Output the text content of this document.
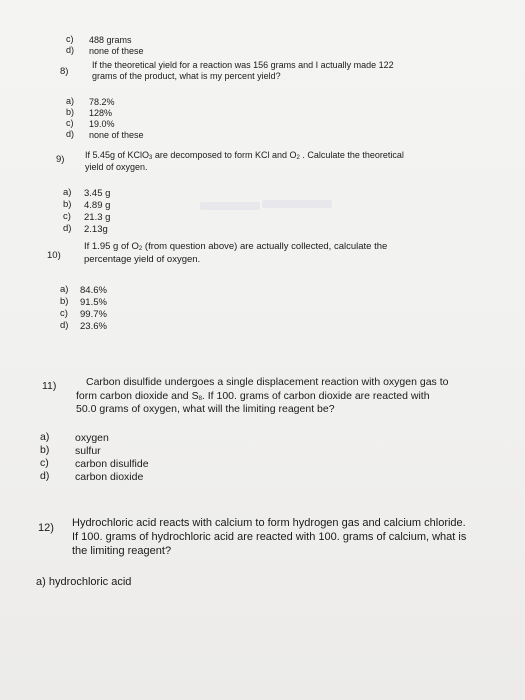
c) 488 grams
d) none of these
8)
If the theoretical yield for a reaction was 156 grams and I actually made 122
grams of the product, what is my percent yield?
a) 78.2%
b) 128%
c) 19.0%
d) none of these
9) If 5.45g of KClO$_3$ are decomposed to form KCl and $O_2$ . Calculate the theoretical
yield of oxygen.
a) 3.45 g
b) 4.89 g
c) 21.3 g
d) 2.13g
10)
If 1.95 g of $O_2$ (from question above) are actually collected, calculate the
percentage yield of oxygen.
a) 84.6%
b) 91.5%
c) 99.7%
d) 23.6%
11)	Carbon disulfide undergoes a single displacement reaction with oxygen gas to
form carbon dioxide and $S_8$. If 100. grams of carbon dioxide are reacted with
50.0 grams of oxygen, what will the limiting reagent be?
a) oxygen
b) sulfur
c)	carbon disulfide
d) carbon dioxide
12) Hydrochloric acid reacts with calcium to form hydrogen gas and calcium chloride.
If 100. grams of hydrochloric acid are reacted with 100. grams of calcium, what is
the limiting reagent?
a) hydrochloric acid
